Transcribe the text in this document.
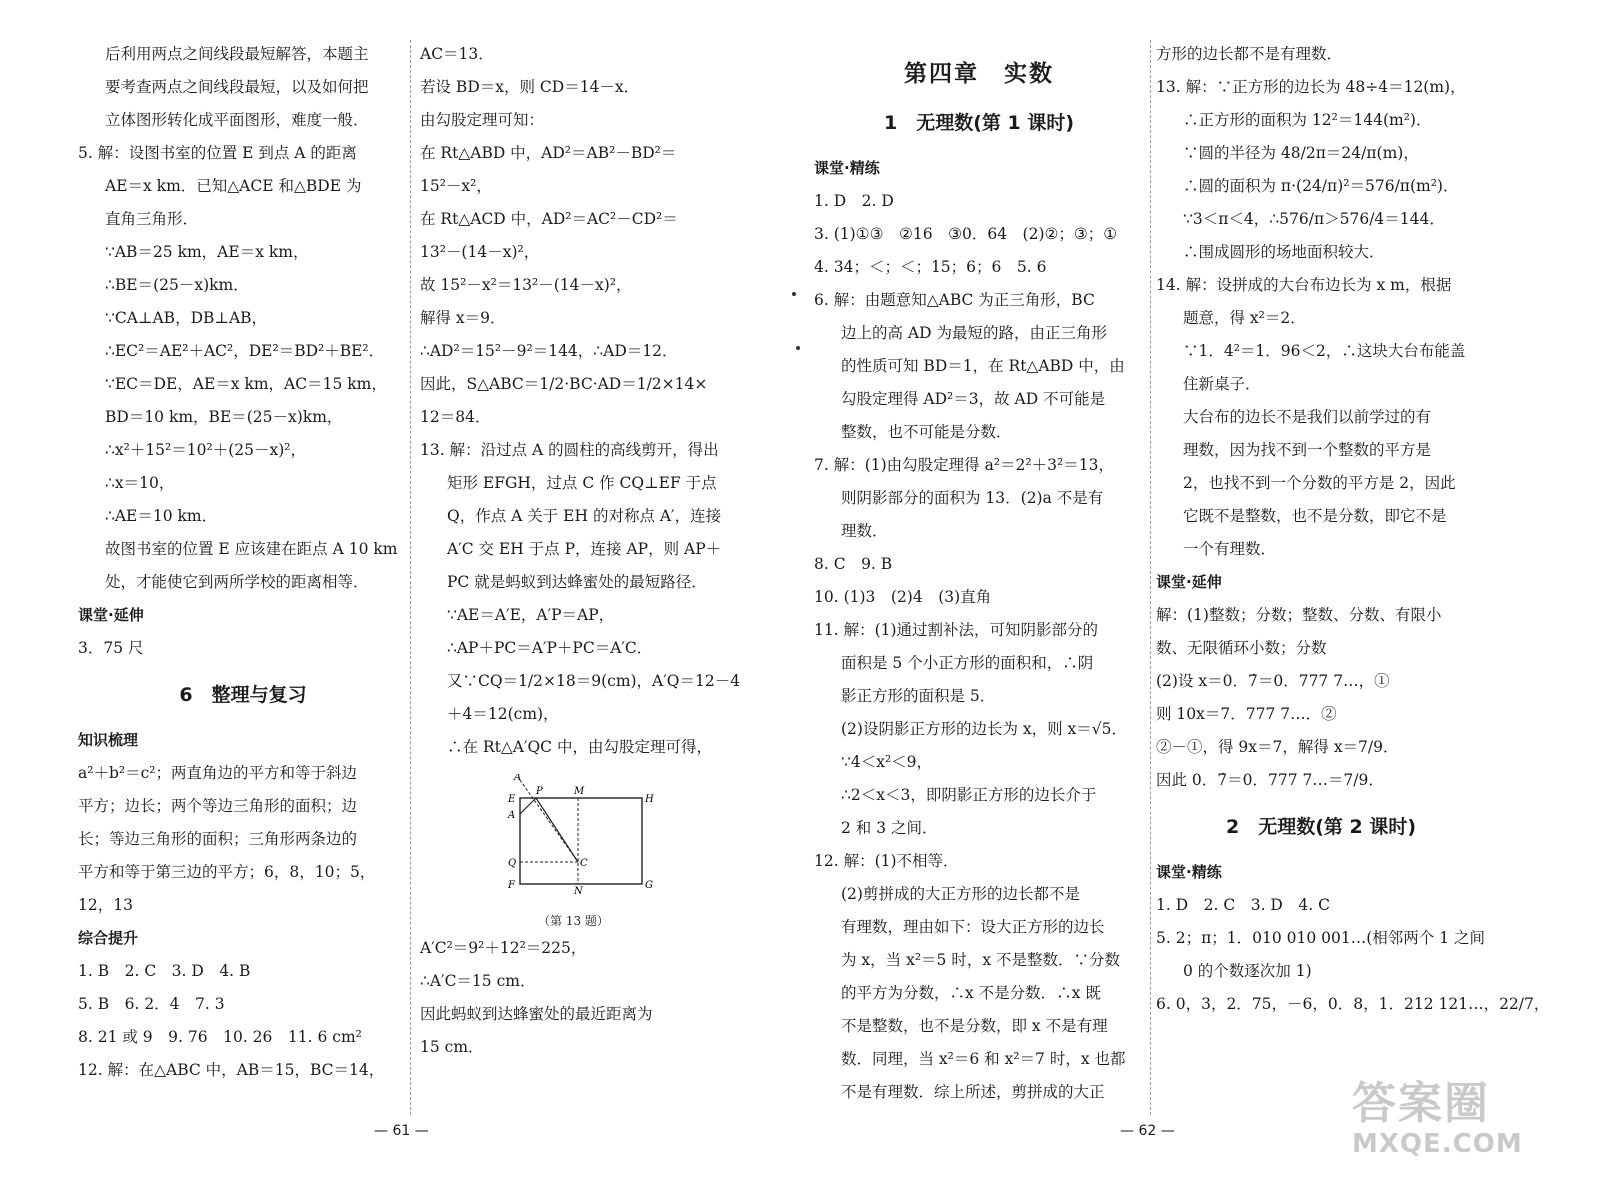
后利用两点之间线段最短解答，本题主

要考查两点之间线段最短，以及如何把

立体图形转化成平面图形，难度一般．

5. 解：设图书室的位置 E 到点 A 的距离

AE＝x km．已知△ACE 和△BDE 为

直角三角形．

∵AB＝25 km，AE＝x km，

∴BE＝(25－x)km．

∵CA⊥AB，DB⊥AB，

∴EC²＝AE²＋AC²，DE²＝BD²＋BE²．

∵EC＝DE，AE＝x km，AC＝15 km，

BD＝10 km，BE＝(25－x)km，

∴x²＋15²＝10²＋(25－x)²，

∴x＝10，

∴AE＝10 km．

故图书室的位置 E 应该建在距点 A 10 km

处，才能使它到两所学校的距离相等．

课堂·延伸

3．75 尺

6　整理与复习

知识梳理

a²＋b²＝c²；两直角边的平方和等于斜边

平方；边长；两个等边三角形的面积；边

长；等边三角形的面积；三角形两条边的

平方和等于第三边的平方；6，8，10；5，

12，13

综合提升

1. B　2. C　3. D　4. B

5. B　6. 2．4　7. 3

8. 21 或 9　9. 76　10. 26　11. 6 cm²

12. 解：在△ABC 中，AB＝15，BC＝14，

AC＝13．

若设 BD＝x，则 CD＝14－x．

由勾股定理可知：

在 Rt△ABD 中，AD²＝AB²－BD²＝

15²－x²，

在 Rt△ACD 中，AD²＝AC²－CD²＝

13²－(14－x)²，

故 15²－x²＝13²－(14－x)²，

解得 x＝9．

∴AD²＝15²－9²＝144，∴AD＝12．

因此，S△ABC＝1/2·BC·AD＝1/2×14×

12＝84．

13. 解：沿过点 A 的圆柱的高线剪开，得出

矩形 EFGH，过点 C 作 CQ⊥EF 于点

Q，作点 A 关于 EH 的对称点 A′，连接

A′C 交 EH 于点 P，连接 AP，则 AP＋

PC 就是蚂蚁到达蜂蜜处的最短路径．

∵AE＝A′E，A′P＝AP，

∴AP＋PC＝A′P＋PC＝A′C．

又∵CQ＝1/2×18＝9(cm)，A′Q＝12－4

＋4＝12(cm)，

∴在 Rt△A′QC 中，由勾股定理可得，

A′
E
P	M
H
A
Q	C
F
N
G

（第 13 题）

A′C²＝9²＋12²＝225，

∴A′C＝15 cm．

因此蚂蚁到达蜂蜜处的最近距离为

15 cm．

— 61 —

第四章　实数

1　无理数(第 1 课时)

课堂·精练

1. D　2. D

3. (1)①③　②16　③0．64　(2)②；③；①

4. 34；＜；＜；15；6；6　5. 6

6. 解：由题意知△ABC 为正三角形，BC

边上的高 AD 为最短的路，由正三角形

的性质可知 BD＝1，在 Rt△ABD 中，由

勾股定理得 AD²＝3，故 AD 不可能是

整数，也不可能是分数．

7. 解：(1)由勾股定理得 a²＝2²＋3²＝13，

则阴影部分的面积为 13．(2)a 不是有

理数．

8. C　9. B

10. (1)3　(2)4　(3)直角

11. 解：(1)通过割补法，可知阴影部分的

面积是 5 个小正方形的面积和，∴阴

影正方形的面积是 5．

(2)设阴影正方形的边长为 x，则 x＝√5．

∵4＜x²＜9，

∴2＜x＜3，即阴影正方形的边长介于

2 和 3 之间．

12. 解：(1)不相等．

(2)剪拼成的大正方形的边长都不是

有理数，理由如下：设大正方形的边长

为 x，当 x²＝5 时，x 不是整数．∵分数

的平方为分数，∴x 不是分数．∴x 既

不是整数，也不是分数，即 x 不是有理

数．同理，当 x²＝6 和 x²＝7 时，x 也都

不是有理数．综上所述，剪拼成的大正

方形的边长都不是有理数．

13. 解：∵正方形的边长为 48÷4＝12(m)，

∴正方形的面积为 12²＝144(m²)．

∵圆的半径为 48/2π＝24/π(m)，

∴圆的面积为 π·(24/π)²＝576/π(m²)．

∵3＜π＜4，∴576/π＞576/4＝144．

∴围成圆形的场地面积较大．

14. 解：设拼成的大台布边长为 x m，根据

题意，得 x²＝2．

∵1．4²＝1．96＜2，∴这块大台布能盖

住新桌子．

大台布的边长不是我们以前学过的有

理数，因为找不到一个整数的平方是

2，也找不到一个分数的平方是 2，因此

它既不是整数，也不是分数，即它不是

一个有理数．

课堂·延伸

解：(1)整数；分数；整数、分数、有限小

数、无限循环小数；分数

(2)设 x＝0．7̇＝0．777 7…，①

则 10x＝7．777 7…．②

②－①，得 9x＝7，解得 x＝7/9．

因此 0．7̇＝0．777 7…＝7/9．

2　无理数(第 2 课时)

课堂·精练

1. D　2. C　3. D　4. C

5. 2；π；1．010 010 001…(相邻两个 1 之间

0 的个数逐次加 1)

6. 0，3，2．75，－6，0．8，1．212 121…，22/7，

— 62 —
答案圈
MXQE.COM
